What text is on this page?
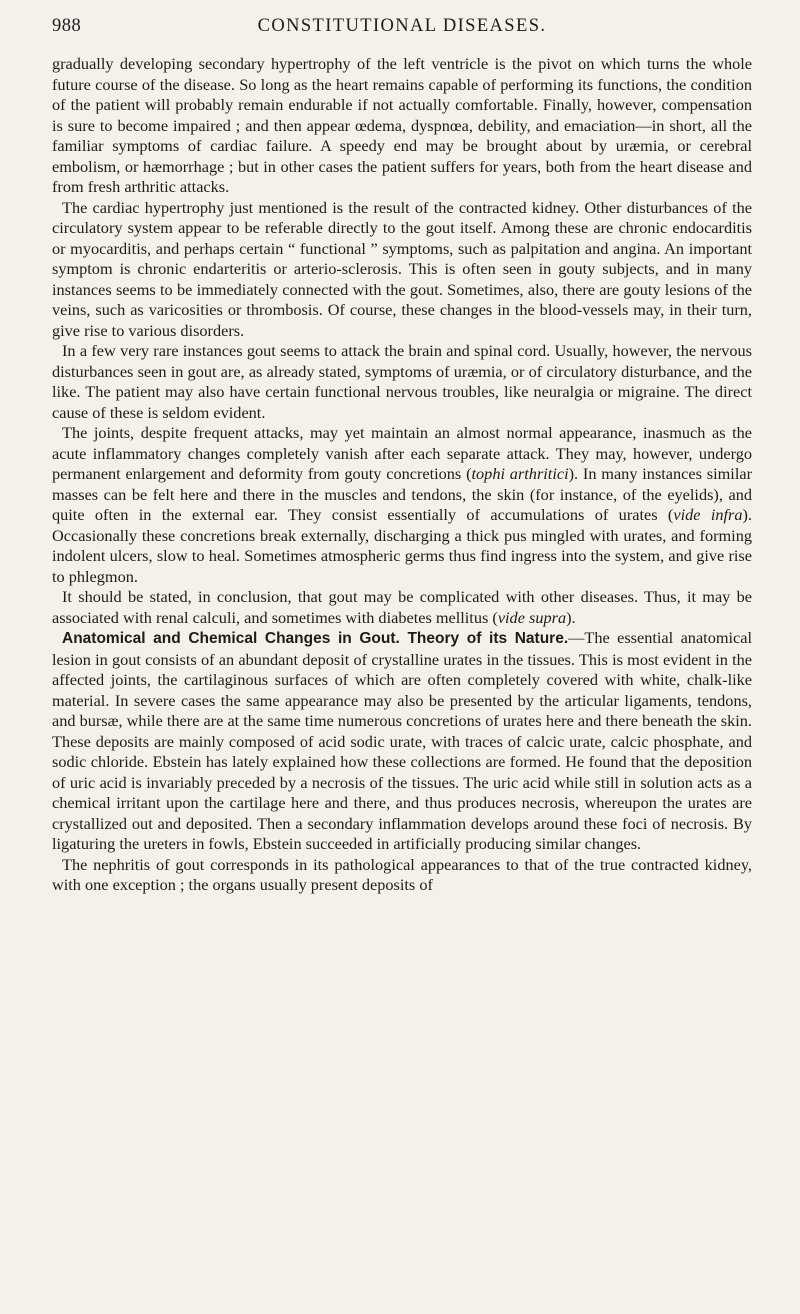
988	CONSTITUTIONAL DISEASES.

gradually developing secondary hypertrophy of the left ventricle is the pivot on which turns the whole future course of the disease. So long as the heart remains capable of performing its functions, the condition of the patient will probably remain endurable if not actually comfortable. Finally, however, compensation is sure to become impaired ; and then appear œdema, dyspnœa, debility, and emaciation—in short, all the familiar symptoms of cardiac failure. A speedy end may be brought about by uræmia, or cerebral embolism, or hæmorrhage ; but in other cases the patient suffers for years, both from the heart disease and from fresh arthritic attacks.

The cardiac hypertrophy just mentioned is the result of the contracted kidney. Other disturbances of the circulatory system appear to be referable directly to the gout itself. Among these are chronic endocarditis or myocarditis, and perhaps certain “ functional ” symptoms, such as palpitation and angina. An important symptom is chronic endarteritis or arterio-sclerosis. This is often seen in gouty subjects, and in many instances seems to be immediately connected with the gout. Sometimes, also, there are gouty lesions of the veins, such as varicosities or thrombosis. Of course, these changes in the blood-vessels may, in their turn, give rise to various disorders.

In a few very rare instances gout seems to attack the brain and spinal cord. Usually, however, the nervous disturbances seen in gout are, as already stated, symptoms of uræmia, or of circulatory disturbance, and the like. The patient may also have certain functional nervous troubles, like neuralgia or migraine. The direct cause of these is seldom evident.

The joints, despite frequent attacks, may yet maintain an almost normal appearance, inasmuch as the acute inflammatory changes completely vanish after each separate attack. They may, however, undergo permanent enlargement and deformity from gouty concretions (tophi arthritici). In many instances similar masses can be felt here and there in the muscles and tendons, the skin (for instance, of the eyelids), and quite often in the external ear. They consist essentially of accumulations of urates (vide infra). Occasionally these concretions break externally, discharging a thick pus mingled with urates, and forming indolent ulcers, slow to heal. Sometimes atmospheric germs thus find ingress into the system, and give rise to phlegmon.

It should be stated, in conclusion, that gout may be complicated with other diseases. Thus, it may be associated with renal calculi, and sometimes with diabetes mellitus (vide supra).

Anatomical and Chemical Changes in Gout. Theory of its Nature.—The essential anatomical lesion in gout consists of an abundant deposit of crystalline urates in the tissues. This is most evident in the affected joints, the cartilaginous surfaces of which are often completely covered with white, chalk-like material. In severe cases the same appearance may also be presented by the articular ligaments, tendons, and bursæ, while there are at the same time numerous concretions of urates here and there beneath the skin. These deposits are mainly composed of acid sodic urate, with traces of calcic urate, calcic phosphate, and sodic chloride. Ebstein has lately explained how these collections are formed. He found that the deposition of uric acid is invariably preceded by a necrosis of the tissues. The uric acid while still in solution acts as a chemical irritant upon the cartilage here and there, and thus produces necrosis, whereupon the urates are crystallized out and deposited. Then a secondary inflammation develops around these foci of necrosis. By ligaturing the ureters in fowls, Ebstein succeeded in artificially producing similar changes.

The nephritis of gout corresponds in its pathological appearances to that of the true contracted kidney, with one exception ; the organs usually present deposits of
